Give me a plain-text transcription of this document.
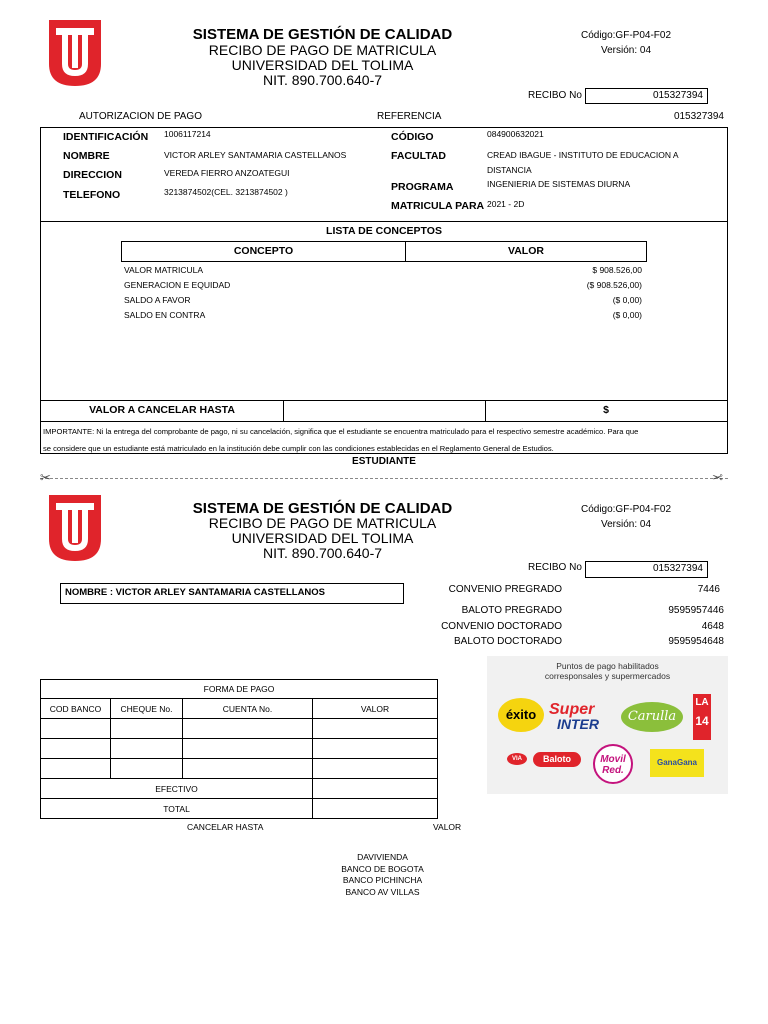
SISTEMA DE GESTIÓN DE CALIDAD
RECIBO DE PAGO DE MATRICULA
UNIVERSIDAD DEL TOLIMA
NIT. 890.700.640-7
Código:GF-P04-F02
Versión: 04
RECIBO No	015327394
AUTORIZACION DE PAGO	REFERENCIA	015327394
IDENTIFICACIÓN 1006117214
NOMBRE	VICTOR ARLEY SANTAMARIA CASTELLANOS
DIRECCION	VEREDA FIERRO ANZOATEGUI
TELEFONO	3213874502(CEL. 3213874502 )
CÓDIGO	084900632021
FACULTAD	CREAD IBAGUE - INSTITUTO DE EDUCACION A
DISTANCIA
PROGRAMA	INGENIERIA DE SISTEMAS DIURNA
MATRICULA PARA 2021 - 2D
LISTA DE CONCEPTOS
CONCEPTO	VALOR
VALOR MATRICULA	$ 908.526,00
GENERACION E EQUIDAD	($ 908.526,00)
SALDO A FAVOR	($ 0,00)
SALDO EN CONTRA	($ 0,00)
VALOR A CANCELAR HASTA	$
IMPORTANTE: Ni la entrega del comprobante de pago, ni su cancelación, significa que el estudiante se encuentra matriculado para el respectivo semestre académico. Para que
se considere que un estudiante está matriculado en la institución debe cumplir con las condiciones establecidas en el Reglamento General de Estudios.
ESTUDIANTE
✂	✂
SISTEMA DE GESTIÓN DE CALIDAD
RECIBO DE PAGO DE MATRICULA
UNIVERSIDAD DEL TOLIMA
NIT. 890.700.640-7
Código:GF-P04-F02
Versión: 04
RECIBO No	015327394
NOMBRE : VICTOR ARLEY SANTAMARIA CASTELLANOS	CONVENIO PREGRADO	7446
BALOTO PREGRADO	9595957446
CONVENIO DOCTORADO	4648
BALOTO DOCTORADO	9595954648
Puntos de pago habilitados
corresponsales y supermercados
éxito Super
INTER	Carulla
LA
14
VIA	Baloto	Movil
Red.
GanaGana
FORMA DE PAGO			
COD BANCO	CHEQUE No.	CUENTA No.	VALOR

EFECTIVO			
TOTAL			
CANCELAR HASTA	VALOR
DAVIVIENDA
BANCO DE BOGOTA
BANCO PICHINCHA
BANCO AV VILLAS
